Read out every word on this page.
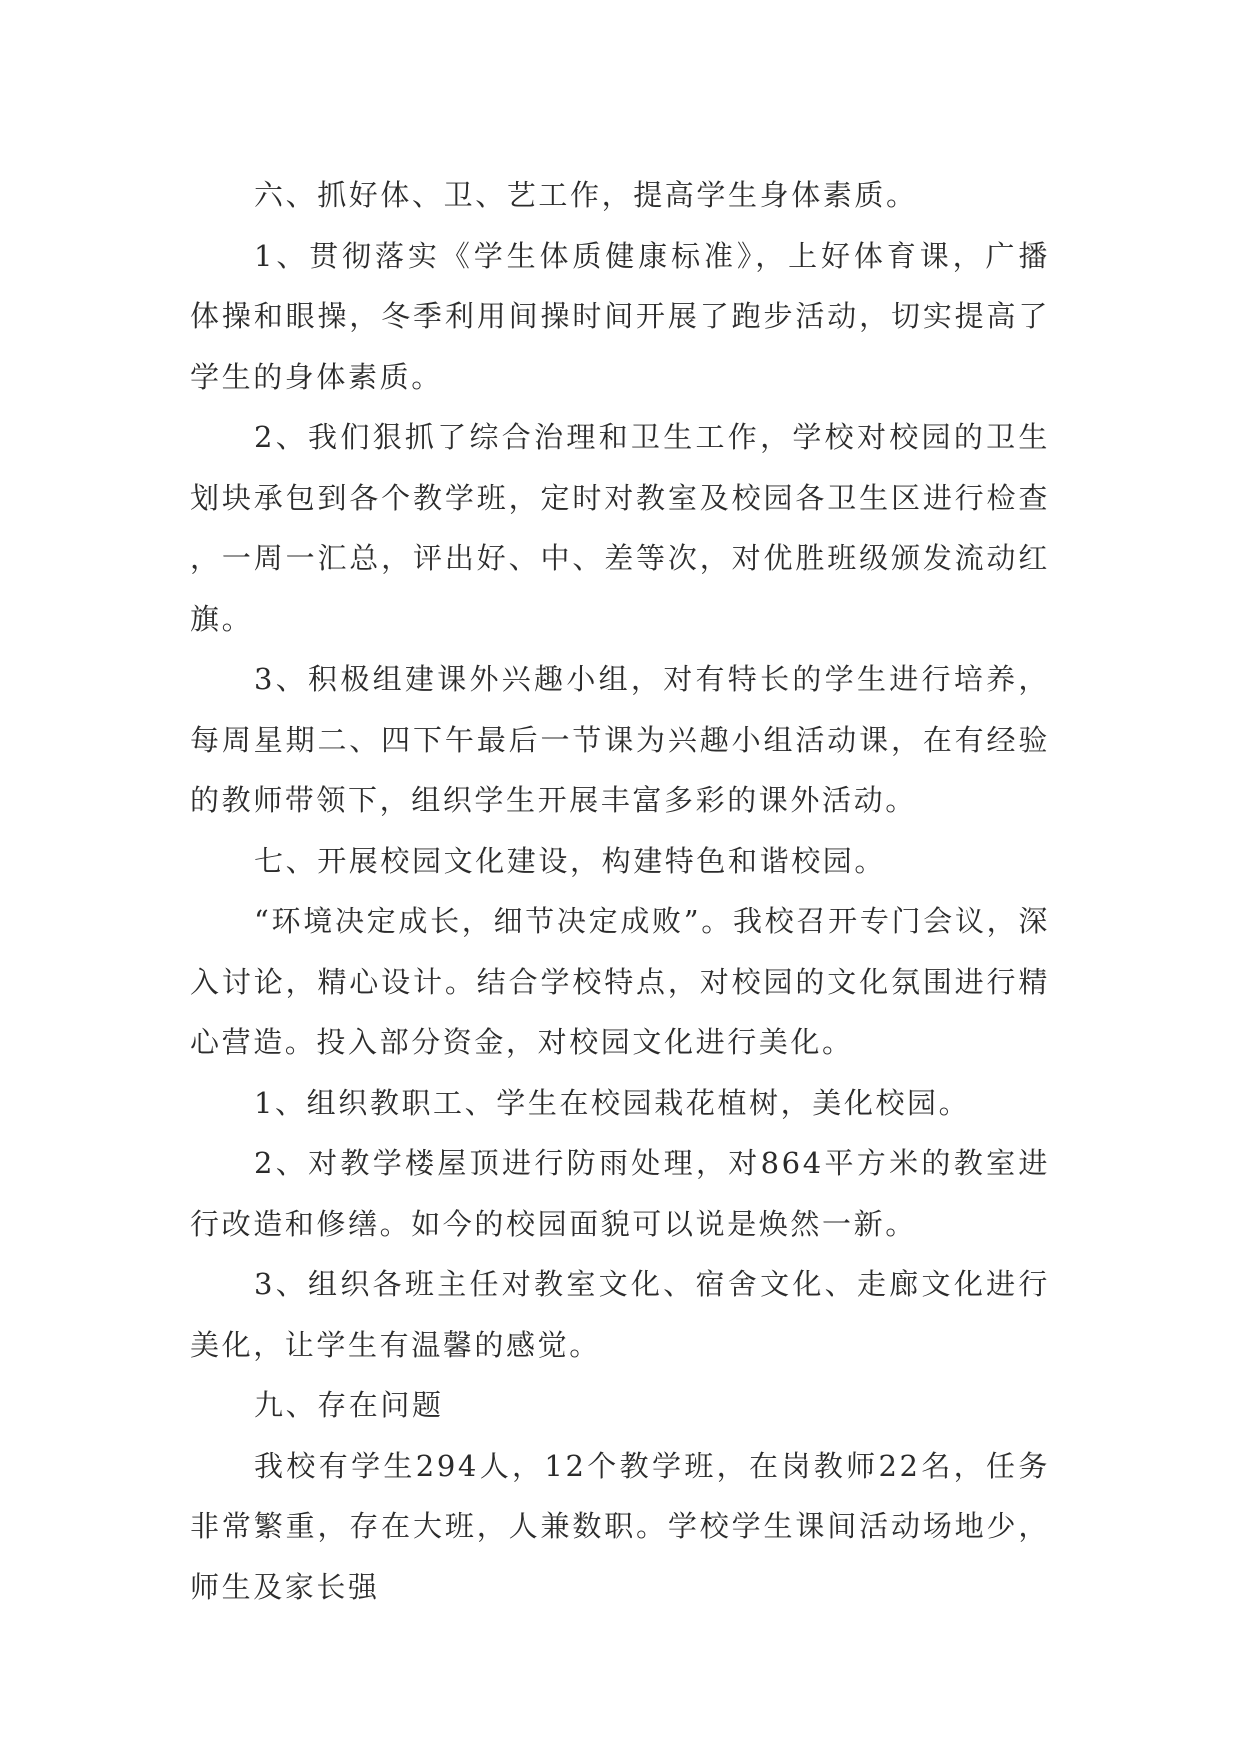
六、抓好体、卫、艺工作，提高学生身体素质。

1、贯彻落实《学生体质健康标准》，上好体育课，广播体操和眼操，冬季利用间操时间开展了跑步活动，切实提高了学生的身体素质。

2、我们狠抓了综合治理和卫生工作，学校对校园的卫生划块承包到各个教学班，定时对教室及校园各卫生区进行检查，一周一汇总，评出好、中、差等次，对优胜班级颁发流动红旗。

3、积极组建课外兴趣小组，对有特长的学生进行培养，每周星期二、四下午最后一节课为兴趣小组活动课，在有经验的教师带领下，组织学生开展丰富多彩的课外活动。

七、开展校园文化建设，构建特色和谐校园。

“环境决定成长，细节决定成败”。我校召开专门会议，深入讨论，精心设计。结合学校特点，对校园的文化氛围进行精心营造。投入部分资金，对校园文化进行美化。

1、组织教职工、学生在校园栽花植树，美化校园。

2、对教学楼屋顶进行防雨处理，对864平方米的教室进行改造和修缮。如今的校园面貌可以说是焕然一新。

3、组织各班主任对教室文化、宿舍文化、走廊文化进行美化，让学生有温馨的感觉。

九、存在问题

我校有学生294人，12个教学班，在岗教师22名，任务非常繁重，存在大班，人兼数职。学校学生课间活动场地少，师生及家长强
